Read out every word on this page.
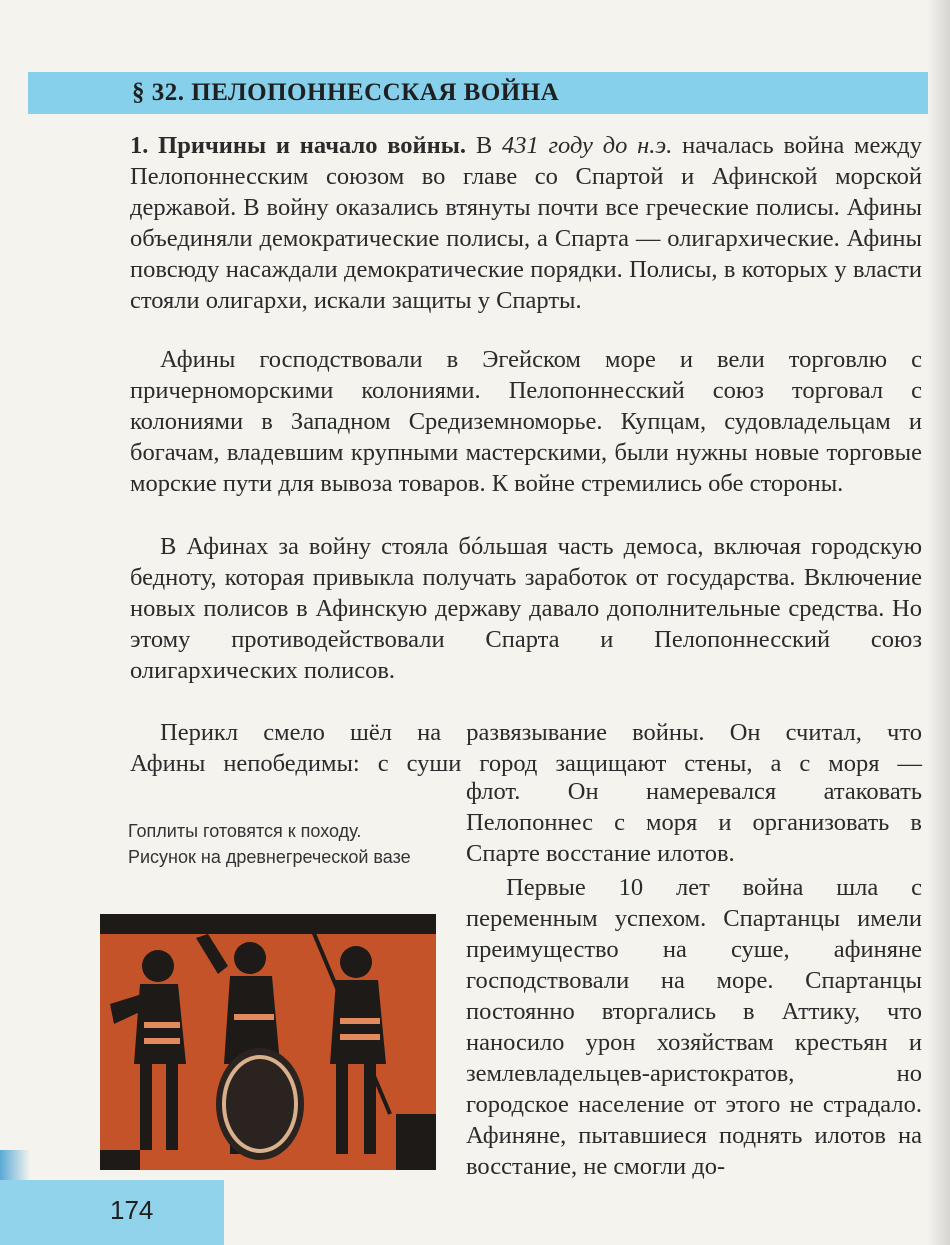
§ 32. ПЕЛОПОННЕССКАЯ ВОЙНА

1. Причины и начало войны. В 431 году до н.э. началась война между Пелопоннесским союзом во главе со Спартой и Афинской морской державой. В войну оказались втянуты почти все греческие полисы. Афины объединяли демократические полисы, а Спарта — олигархические. Афины повсюду насаждали демократические порядки. Полисы, в которых у власти стояли олигархи, искали защиты у Спарты.

Афины господствовали в Эгейском море и вели торговлю с причерноморскими колониями. Пелопоннесский союз торговал с колониями в Западном Средиземноморье. Купцам, судовладельцам и богачам, владевшим крупными мастерскими, были нужны новые торговые морские пути для вывоза товаров. К войне стремились обе стороны.

В Афинах за войну стояла бóльшая часть демоса, включая городскую бедноту, которая привыкла получать заработок от государства. Включение новых полисов в Афинскую державу давало дополнительные средства. Но этому противодействовали Спарта и Пелопоннесский союз олигархических полисов.

Перикл смело шёл на развязывание войны. Он считал, что
Афины непобедимы: с суши город защищают стены, а с моря —

флот. Он намеревался атаковать Пелопоннес с моря и организовать в Спарте восстание илотов.

Гоплиты готовятся к походу. Рисунок на древнегреческой вазе

Первые 10 лет война шла с переменным успехом. Спартанцы имели преимущество на суше, афиняне господствовали на море. Спартанцы постоянно вторгались в Аттику, что наносило урон хозяйствам крестьян и землевладельцев-аристократов, но городское население от этого не страдало. Афиняне, пытавшиеся поднять илотов на восстание, не смогли до-

174
